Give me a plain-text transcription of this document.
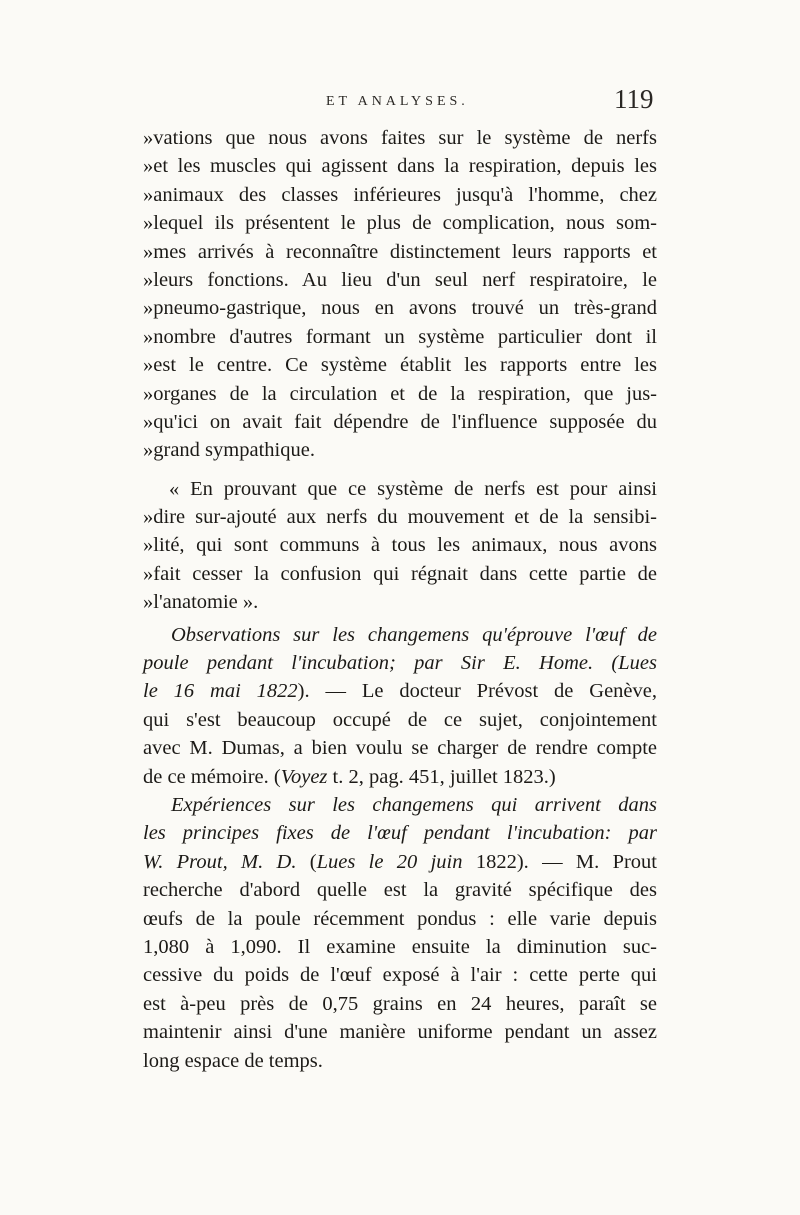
ET ANALYSES.	119
»vations que nous avons faites sur le système de nerfs
»et les muscles qui agissent dans la respiration, depuis les
»animaux des classes inférieures jusqu'à l'homme, chez
»lequel ils présentent le plus de complication, nous som-
»mes arrivés à reconnaître distinctement leurs rapports et
»leurs fonctions. Au lieu d'un seul nerf respiratoire, le
»pneumo-gastrique, nous en avons trouvé un très-grand
»nombre d'autres formant un système particulier dont il
»est le centre. Ce système établit les rapports entre les
»organes de la circulation et de la respiration, que jus-
»qu'ici on avait fait dépendre de l'influence supposée du
»grand sympathique.
« En prouvant que ce système de nerfs est pour ainsi
»dire sur-ajouté aux nerfs du mouvement et de la sensibi-
»lité, qui sont communs à tous les animaux, nous avons
»fait cesser la confusion qui régnait dans cette partie de
»l'anatomie ».
Observations sur les changemens qu'éprouve l'œuf de
poule pendant l'incubation; par Sir E. Home. (Lues
le 16 mai 1822). — Le docteur Prévost de Genève,
qui s'est beaucoup occupé de ce sujet, conjointement
avec M. Dumas, a bien voulu se charger de rendre compte
de ce mémoire. (Voyez t. 2, pag. 451, juillet 1823.)
Expériences sur les changemens qui arrivent dans
les principes fixes de l'œuf pendant l'incubation: par
W. Prout, M. D. (Lues le 20 juin 1822). — M. Prout
recherche d'abord quelle est la gravité spécifique des
œufs de la poule récemment pondus : elle varie depuis
1,080 à 1,090. Il examine ensuite la diminution suc-
cessive du poids de l'œuf exposé à l'air : cette perte qui
est à-peu près de 0,75 grains en 24 heures, paraît se
maintenir ainsi d'une manière uniforme pendant un assez
long espace de temps.
